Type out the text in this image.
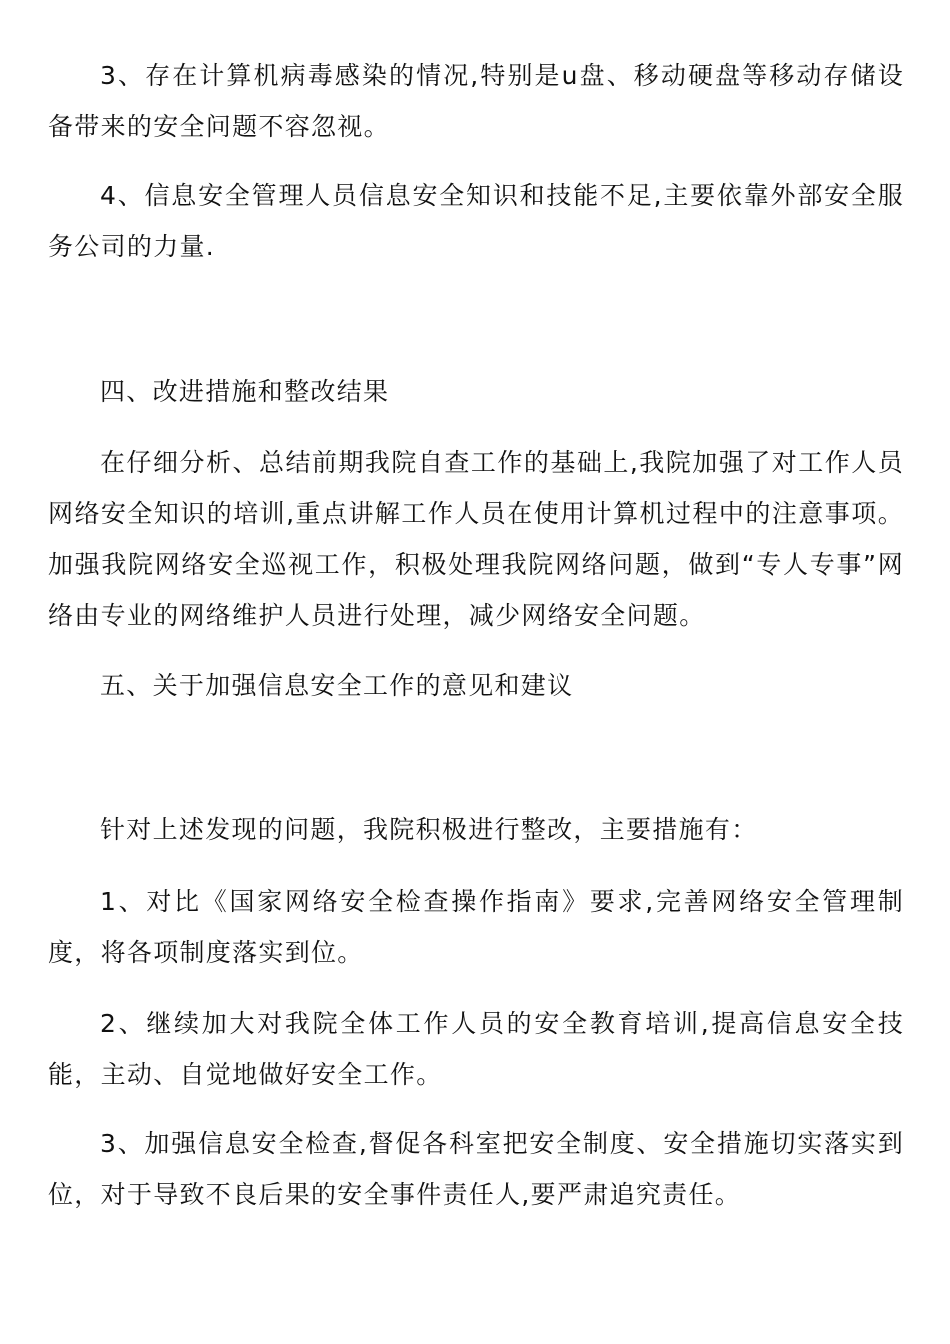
3、存在计算机病毒感染的情况,特别是u盘、移动硬盘等移动存储设备带来的安全问题不容忽视。

4、信息安全管理人员信息安全知识和技能不足,主要依靠外部安全服务公司的力量.

四、改进措施和整改结果

在仔细分析、总结前期我院自查工作的基础上,我院加强了对工作人员网络安全知识的培训,重点讲解工作人员在使用计算机过程中的注意事项。加强我院网络安全巡视工作，积极处理我院网络问题，做到“专人专事”网络由专业的网络维护人员进行处理，减少网络安全问题。

五、关于加强信息安全工作的意见和建议

针对上述发现的问题，我院积极进行整改，主要措施有：

1、对比《国家网络安全检查操作指南》要求,完善网络安全管理制度，将各项制度落实到位。

2、继续加大对我院全体工作人员的安全教育培训,提高信息安全技能，主动、自觉地做好安全工作。

3、加强信息安全检查,督促各科室把安全制度、安全措施切实落实到位，对于导致不良后果的安全事件责任人,要严肃追究责任。
